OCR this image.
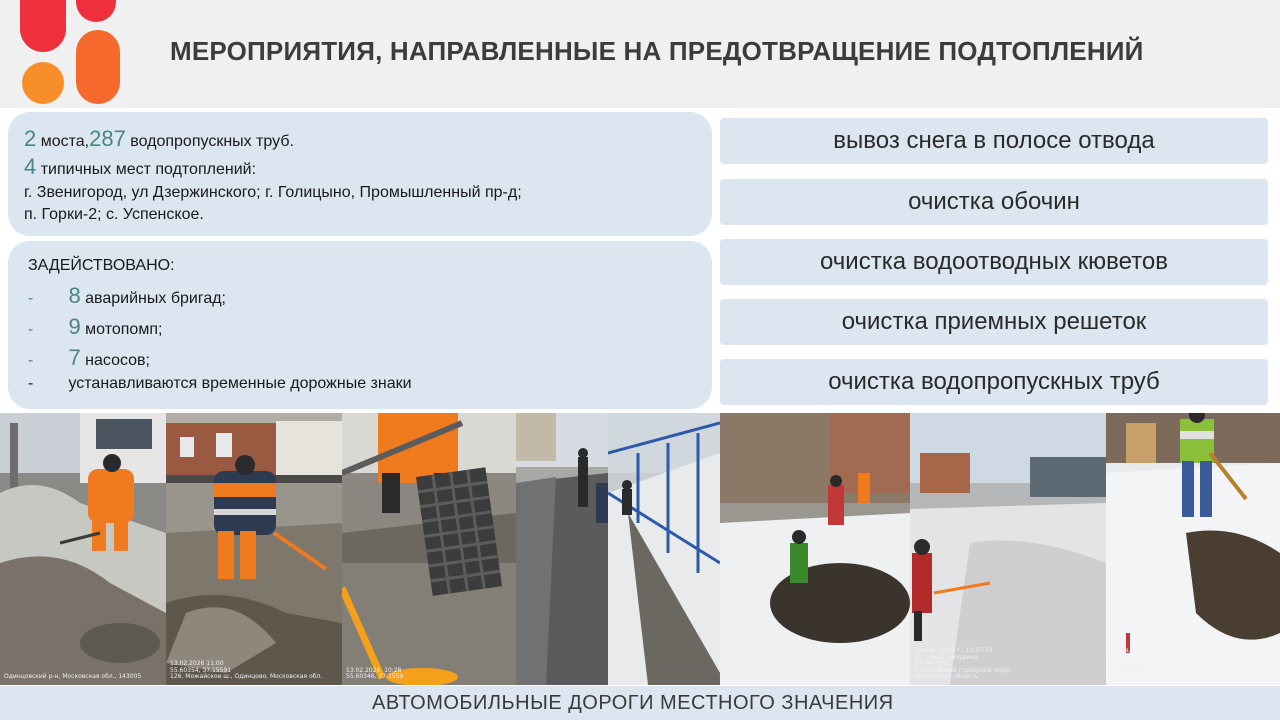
МЕРОПРИЯТИЯ, НАПРАВЛЕННЫЕ НА ПРЕДОТВРАЩЕНИЕ ПОДТОПЛЕНИЙ
2 моста,287 водопропускных труб.
4 типичных мест подтоплений:
г. Звенигород, ул Дзержинского; г. Голицыно, Промышленный пр-д;
п. Горки-2; с. Успенское.
ЗАДЕЙСТВОВАНО:
- 8 аварийных бригад;
- 9 мотопомп;
- 7 насосов;
- устанавливаются временные дорожные знаки
вывоз снега в полосе отвода
очистка обочин
очистка водоотводных кюветов
очистка приемных решеток
очистка водопропускных труб
Одинцовский р-н, Московская обл., 143005
13.02.2026 11:00
55.60354, 37.15591
126, Можайское ш., Одинцово, Московская обл.
13.02.2026, 10:28
55.60346, 37.1559
18 мар. 2026 г., 14:29
улица Мичурина
Звенигород
Одинцовский городской округ
Московская область
18 мар. 2026 г., 12:27:19
13, улица Мичурина
Звенигород
Одинцовский городской округ
Московская область
среда, 18 марта 2026 г. 12:22:02
89° E
Усадьба Кп
Одинцовский городской округ
Московская область
АВТОМОБИЛЬНЫЕ ДОРОГИ МЕСТНОГО ЗНАЧЕНИЯ
